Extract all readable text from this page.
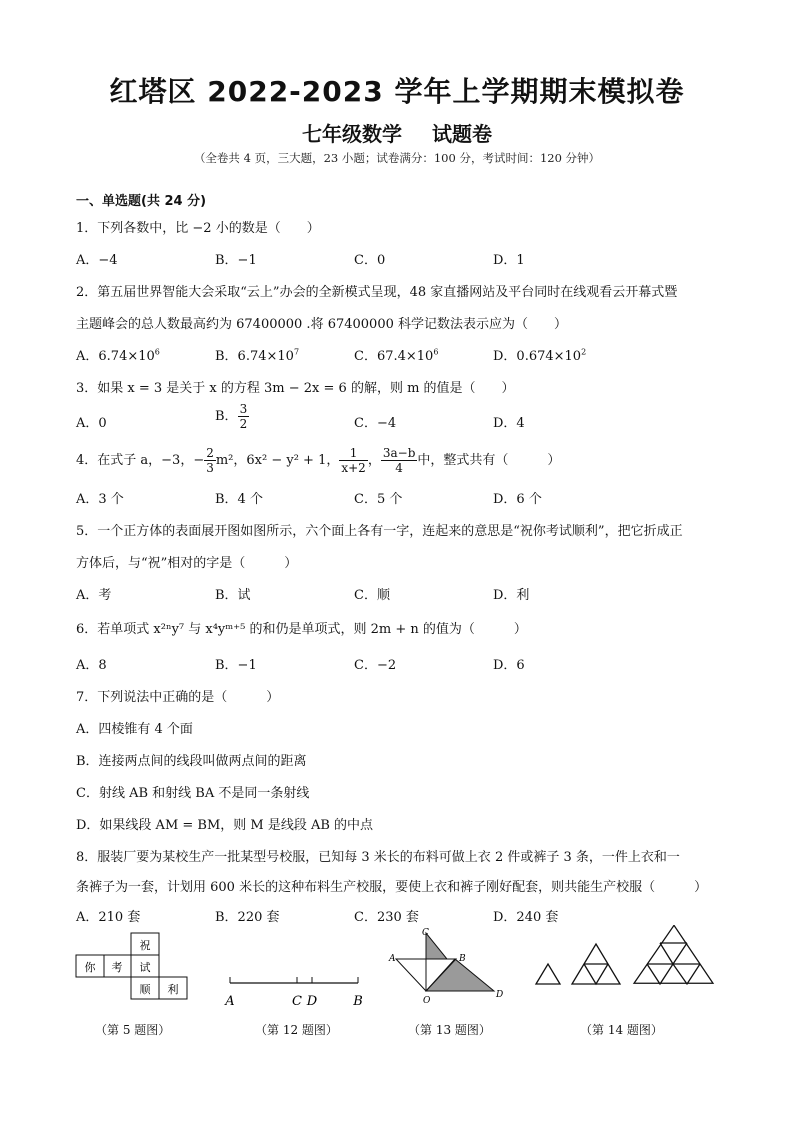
红塔区 2022-2023 学年上学期期末模拟卷
七年级数学 试题卷
（全卷共 4 页，三大题，23 小题；试卷满分：100 分，考试时间：120 分钟）
一、单选题(共 24 分)
1．下列各数中，比 −2 小的数是（　　）
A．−4	B．−1	C．0	D．1
2．第五届世界智能大会采取“云上”办会的全新模式呈现，48 家直播网站及平台同时在线观看云开幕式暨
主题峰会的总人数最高约为 67400000 .将 67400000 科学记数法表示应为（　　）
A．$6.74\times 10^6$	B．$6.74\times 10^7$	C．$67.4\times 10^6$	D．$0.674\times 10^2$
3．如果 x = 3 是关于 x 的方程 3m − 2x = 6 的解，则 m 的值是（　　）
A．0	B． $\frac{3}{2}$	C．−4	D．4
4．在式子 a，−3，− $\frac{2}{3} m^2$，6x² − y² + 1， $\frac{1}{x+2}$ ， $\frac{3a-b}{4}$ 中，整式共有（　　　）
A．3 个	B．4 个	C．5 个	D．6 个
5．一个正方体的表面展开图如图所示，六个面上各有一字，连起来的意思是“祝你考试顺利”，把它折成正
方体后，与“祝”相对的字是（　　　）
A．考	B．试	C．顺	D．利
6．若单项式 x²ⁿy⁷ 与 x⁴yᵐ⁺⁵ 的和仍是单项式，则 2m + n 的值为（　　　）
A．8	B．−1	C．−2	D．6
7．下列说法中正确的是（　　　）
A．四棱锥有 4 个面
B．连接两点间的线段叫做两点间的距离
C．射线 AB 和射线 BA 不是同一条射线
D．如果线段 AM = BM，则 M 是线段 AB 的中点
8．服装厂要为某校生产一批某型号校服，已知每 3 米长的布料可做上衣 2 件或裤子 3 条，一件上衣和一
条裤子为一套，计划用 600 米长的这种布料生产校服，要使上衣和裤子刚好配套，则共能生产校服（　　　）
A．210 套	B．220 套	C．230 套	D．240 套
祝
你 考 试
顺 利
A	C D	B
C
A	B
O
D
（第 5 题图）	（第 12 题图）	（第 13 题图）	（第 14 题图）
